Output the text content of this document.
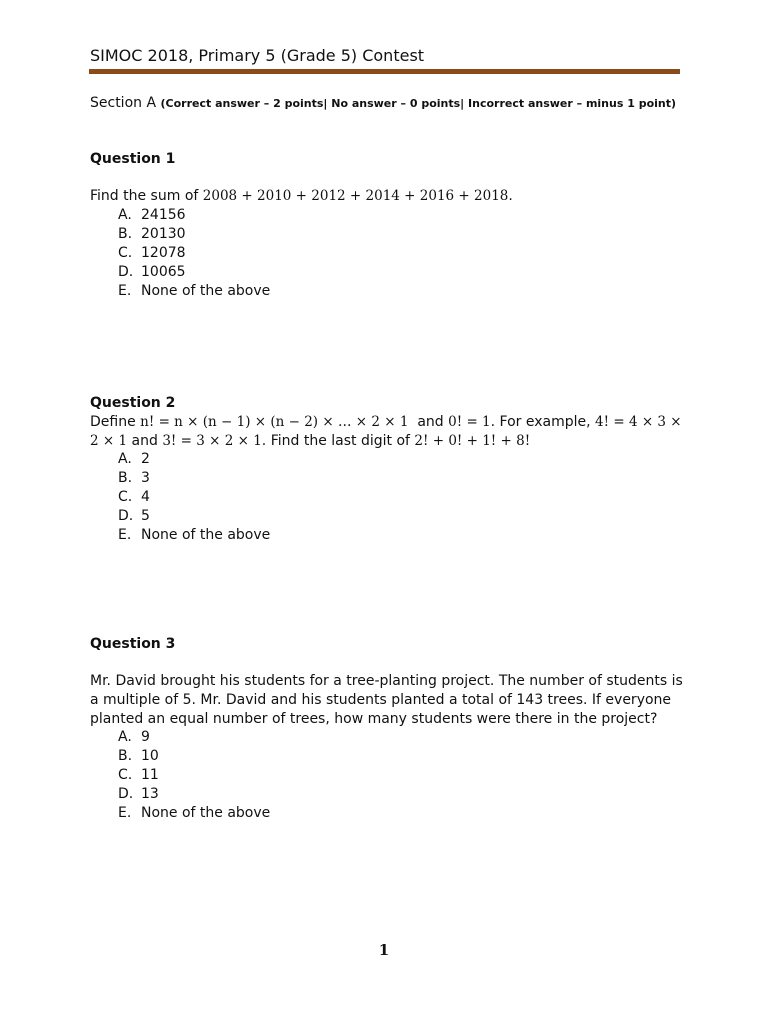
SIMOC 2018, Primary 5 (Grade 5) Contest
Section A (Correct answer – 2 points| No answer – 0 points| Incorrect answer – minus 1 point)
Question 1
Find the sum of 2008 + 2010 + 2012 + 2014 + 2016 + 2018.
A. 24156
B. 20130
C. 12078
D. 10065
E. None of the above
Question 2
Define n! = n × (n − 1) × (n − 2) × … × 2 × 1  and 0! = 1. For example, 4! = 4 × 3 × 2 × 1 and 3! = 3 × 2 × 1. Find the last digit of 2! + 0! + 1! + 8!
A. 2
B. 3
C. 4
D. 5
E. None of the above
Question 3
Mr. David brought his students for a tree-planting project. The number of students is a multiple of 5. Mr. David and his students planted a total of 143 trees. If everyone planted an equal number of trees, how many students were there in the project?
A. 9
B. 10
C. 11
D. 13
E. None of the above
1
